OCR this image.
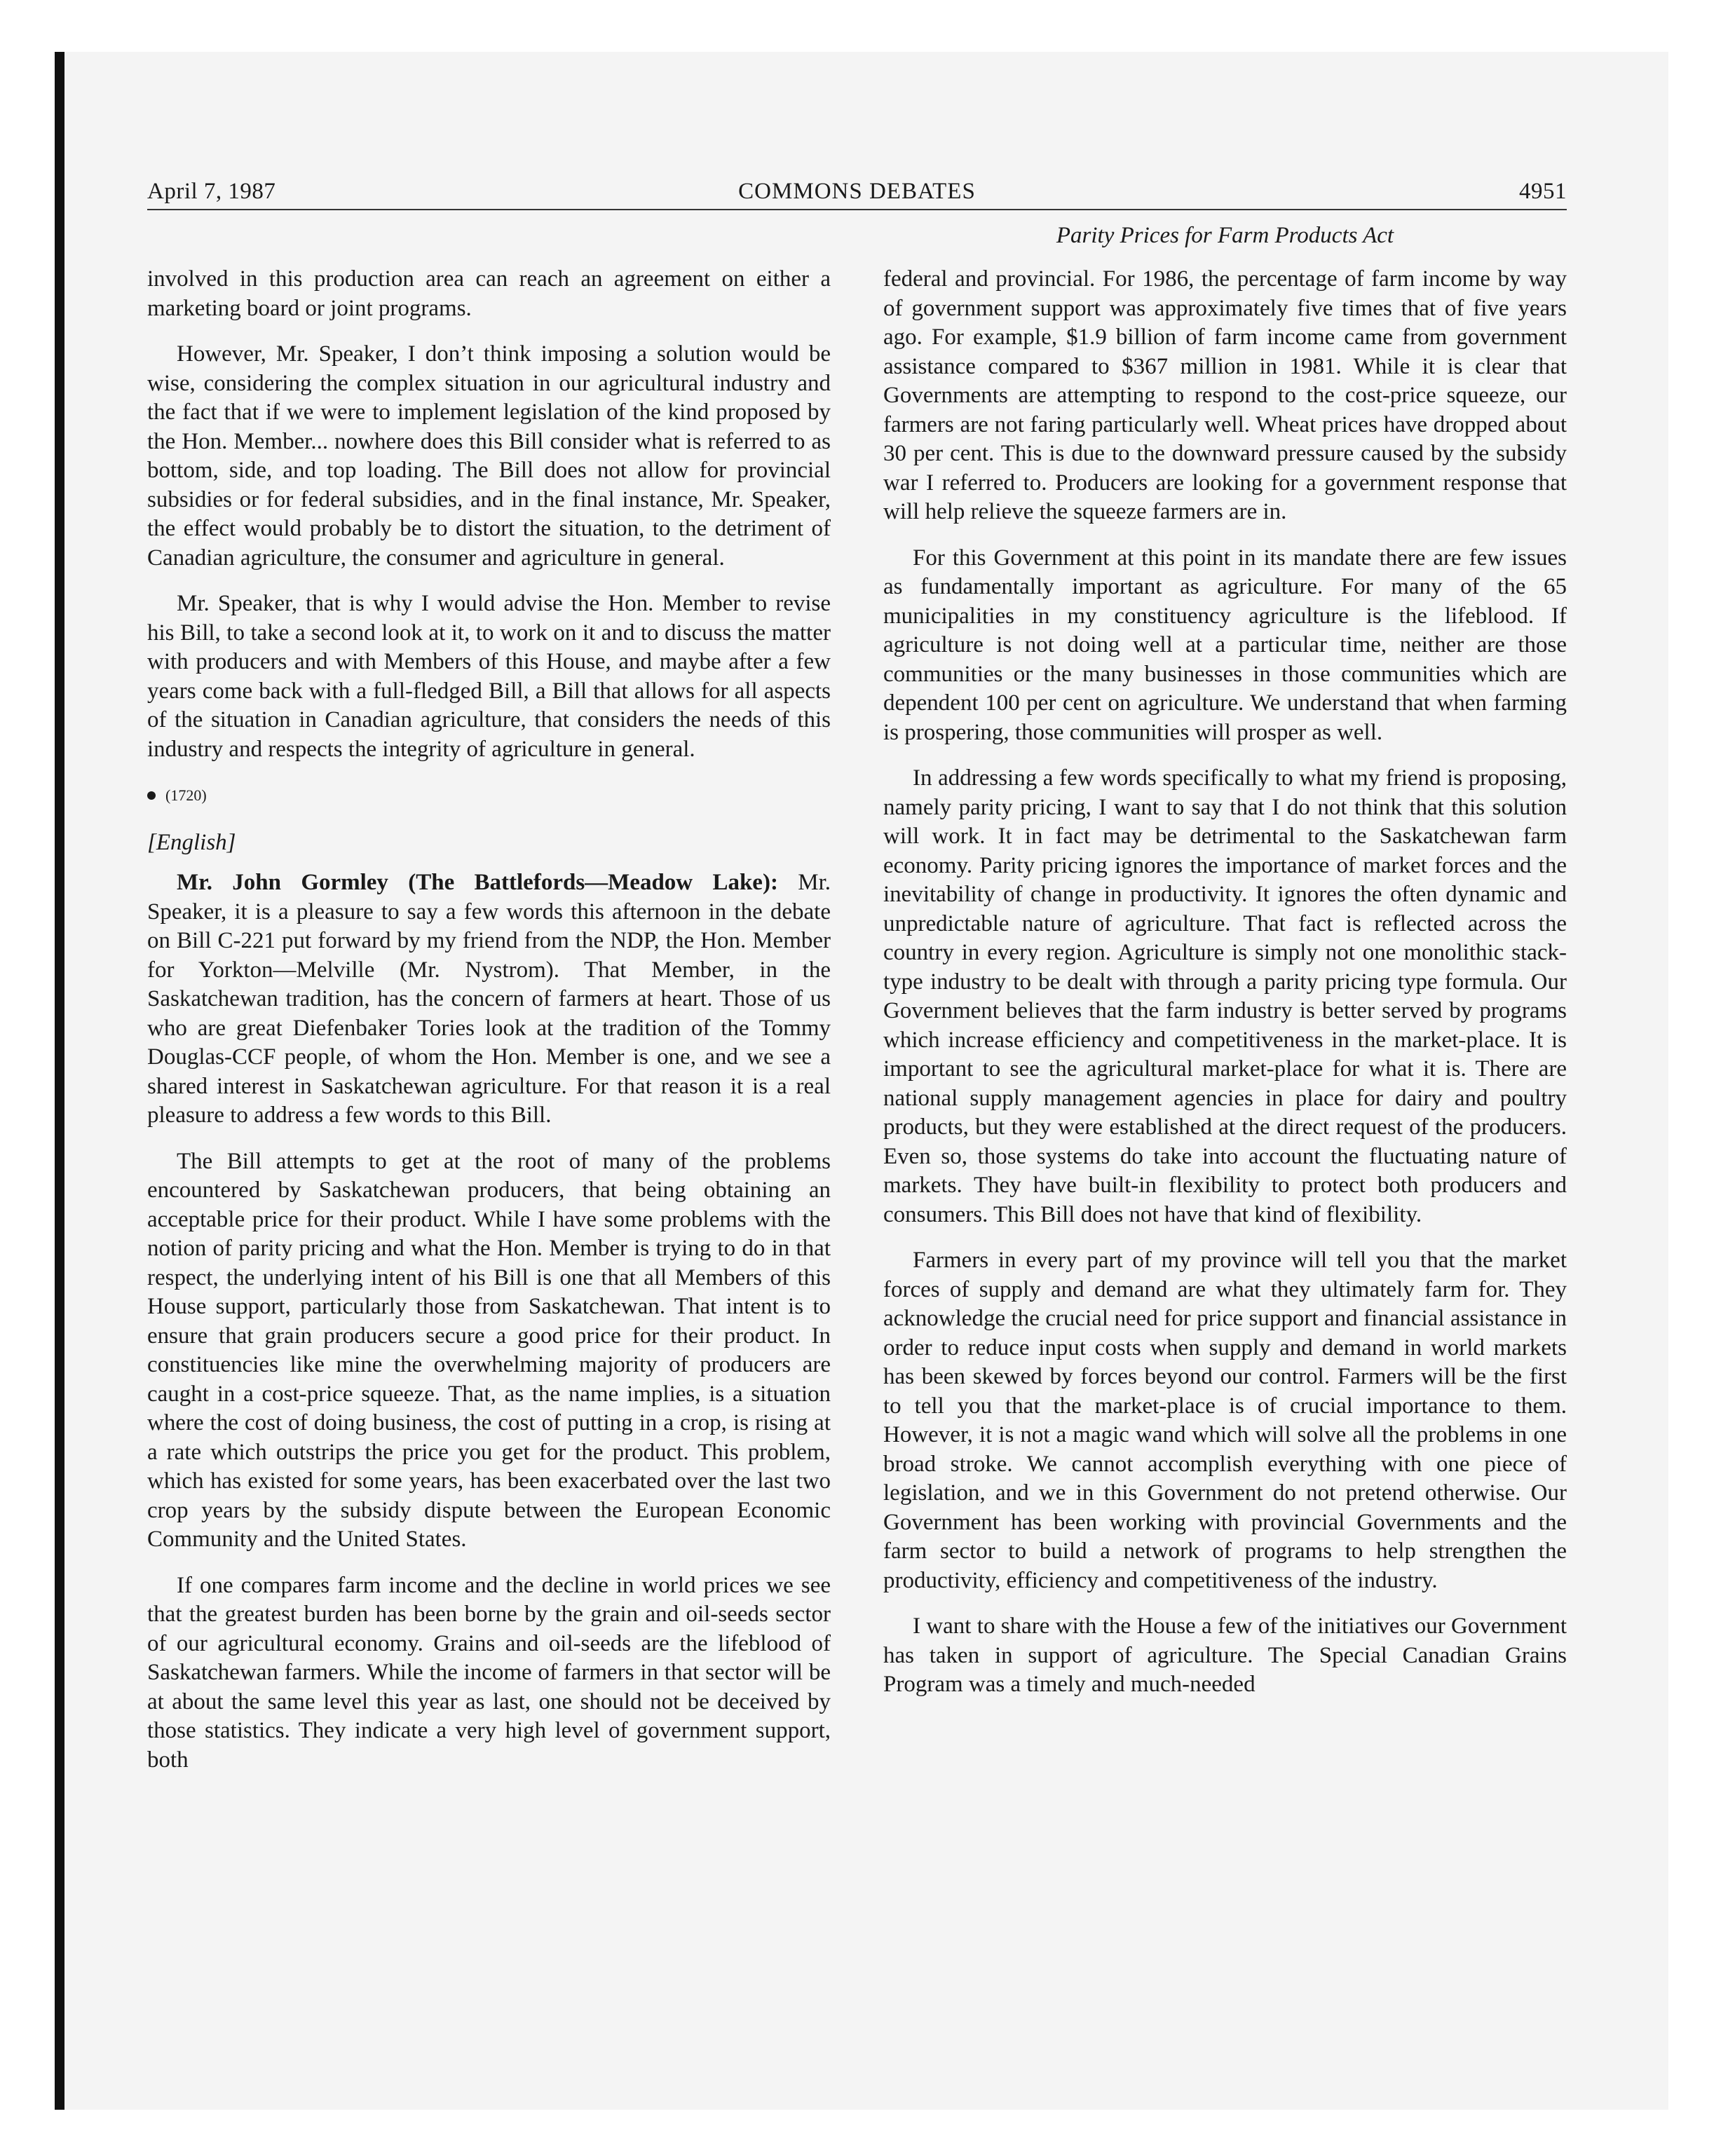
April 7, 1987	COMMONS DEBATES	4951
Parity Prices for Farm Products Act

involved in this production area can reach an agreement on either a marketing board or joint programs.

However, Mr. Speaker, I don’t think imposing a solution would be wise, considering the complex situation in our agricultural industry and the fact that if we were to implement legislation of the kind proposed by the Hon. Member... nowhere does this Bill consider what is referred to as bottom, side, and top loading. The Bill does not allow for provincial subsidies or for federal subsidies, and in the final instance, Mr. Speaker, the effect would probably be to distort the situation, to the detriment of Canadian agriculture, the consumer and agriculture in general.

Mr. Speaker, that is why I would advise the Hon. Member to revise his Bill, to take a second look at it, to work on it and to discuss the matter with producers and with Members of this House, and maybe after a few years come back with a full-fledged Bill, a Bill that allows for all aspects of the situation in Canadian agriculture, that considers the needs of this industry and respects the integrity of agriculture in general.

(1720)
[English]

Mr. John Gormley (The Battlefords—Meadow Lake): Mr. Speaker, it is a pleasure to say a few words this afternoon in the debate on Bill C-221 put forward by my friend from the NDP, the Hon. Member for Yorkton—Melville (Mr. Nystrom). That Member, in the Saskatchewan tradition, has the concern of farmers at heart. Those of us who are great Diefenbaker Tories look at the tradition of the Tommy Douglas-CCF people, of whom the Hon. Member is one, and we see a shared interest in Saskatchewan agriculture. For that reason it is a real pleasure to address a few words to this Bill.

The Bill attempts to get at the root of many of the problems encountered by Saskatchewan producers, that being obtaining an acceptable price for their product. While I have some problems with the notion of parity pricing and what the Hon. Member is trying to do in that respect, the underlying intent of his Bill is one that all Members of this House support, particularly those from Saskatchewan. That intent is to ensure that grain producers secure a good price for their product. In constituencies like mine the overwhelming majority of producers are caught in a cost-price squeeze. That, as the name implies, is a situation where the cost of doing business, the cost of putting in a crop, is rising at a rate which outstrips the price you get for the product. This problem, which has existed for some years, has been exacerbated over the last two crop years by the subsidy dispute between the European Economic Community and the United States.

If one compares farm income and the decline in world prices we see that the greatest burden has been borne by the grain and oil-seeds sector of our agricultural economy. Grains and oil-seeds are the lifeblood of Saskatchewan farmers. While the income of farmers in that sector will be at about the same level this year as last, one should not be deceived by those statistics. They indicate a very high level of government support, both

federal and provincial. For 1986, the percentage of farm income by way of government support was approximately five times that of five years ago. For example, $1.9 billion of farm income came from government assistance compared to $367 million in 1981. While it is clear that Governments are attempting to respond to the cost-price squeeze, our farmers are not faring particularly well. Wheat prices have dropped about 30 per cent. This is due to the downward pressure caused by the subsidy war I referred to. Producers are looking for a government response that will help relieve the squeeze farmers are in.

For this Government at this point in its mandate there are few issues as fundamentally important as agriculture. For many of the 65 municipalities in my constituency agriculture is the lifeblood. If agriculture is not doing well at a particular time, neither are those communities or the many businesses in those communities which are dependent 100 per cent on agriculture. We understand that when farming is prospering, those communities will prosper as well.

In addressing a few words specifically to what my friend is proposing, namely parity pricing, I want to say that I do not think that this solution will work. It in fact may be detrimental to the Saskatchewan farm economy. Parity pricing ignores the importance of market forces and the inevitability of change in productivity. It ignores the often dynamic and unpredictable nature of agriculture. That fact is reflected across the country in every region. Agriculture is simply not one monolithic stack-type industry to be dealt with through a parity pricing type formula. Our Government believes that the farm industry is better served by programs which increase efficiency and competitiveness in the market-place. It is important to see the agricultural market-place for what it is. There are national supply management agencies in place for dairy and poultry products, but they were established at the direct request of the producers. Even so, those systems do take into account the fluctuating nature of markets. They have built-in flexibility to protect both producers and consumers. This Bill does not have that kind of flexibility.

Farmers in every part of my province will tell you that the market forces of supply and demand are what they ultimately farm for. They acknowledge the crucial need for price support and financial assistance in order to reduce input costs when supply and demand in world markets has been skewed by forces beyond our control. Farmers will be the first to tell you that the market-place is of crucial importance to them. However, it is not a magic wand which will solve all the problems in one broad stroke. We cannot accomplish everything with one piece of legislation, and we in this Government do not pretend otherwise. Our Government has been working with provincial Governments and the farm sector to build a network of programs to help strengthen the productivity, efficiency and competitiveness of the industry.

I want to share with the House a few of the initiatives our Government has taken in support of agriculture. The Special Canadian Grains Program was a timely and much-needed
